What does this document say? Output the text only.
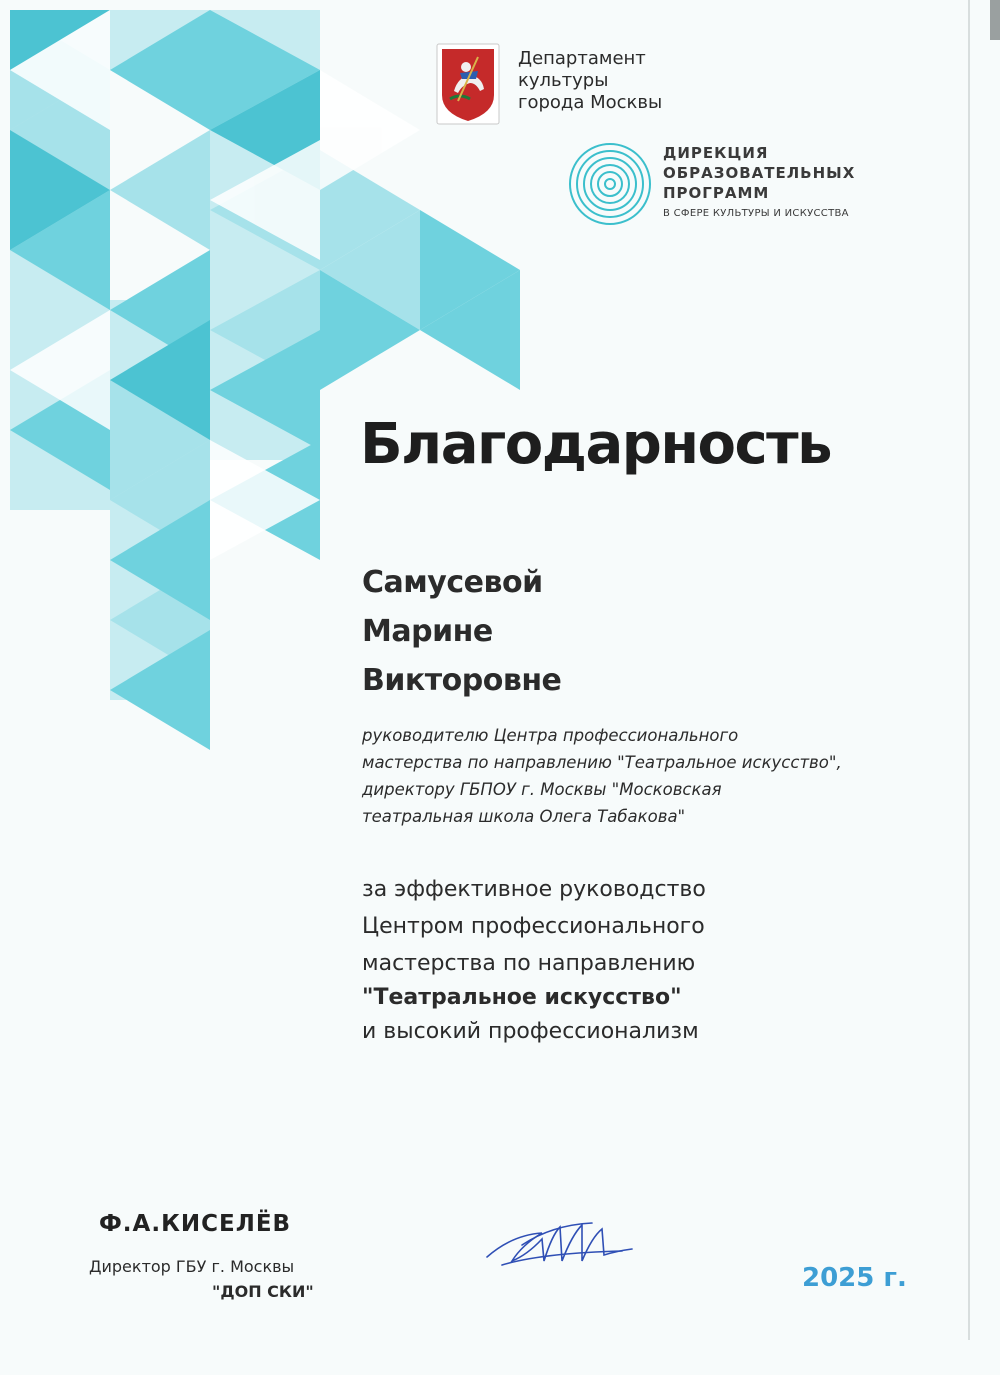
Департамент
культуры
города Москвы
ДИРЕКЦИЯ
ОБРАЗОВАТЕЛЬНЫХ
ПРОГРАММ
В СФЕРЕ КУЛЬТУРЫ И ИСКУССТВА
Благодарность
Самусевой
Марине
Викторовне
руководителю Центра профессионального
мастерства по направлению "Театральное искусство",
директору ГБПОУ г. Москвы "Московская
театральная школа Олега Табакова"
за эффективное руководство
Центром профессионального
мастерства по направлению
"Театральное искусство"
и высокий профессионализм
Ф.А.КИСЕЛЁВ
Директор ГБУ г. Москвы
"ДОП СКИ"	2025 г.
